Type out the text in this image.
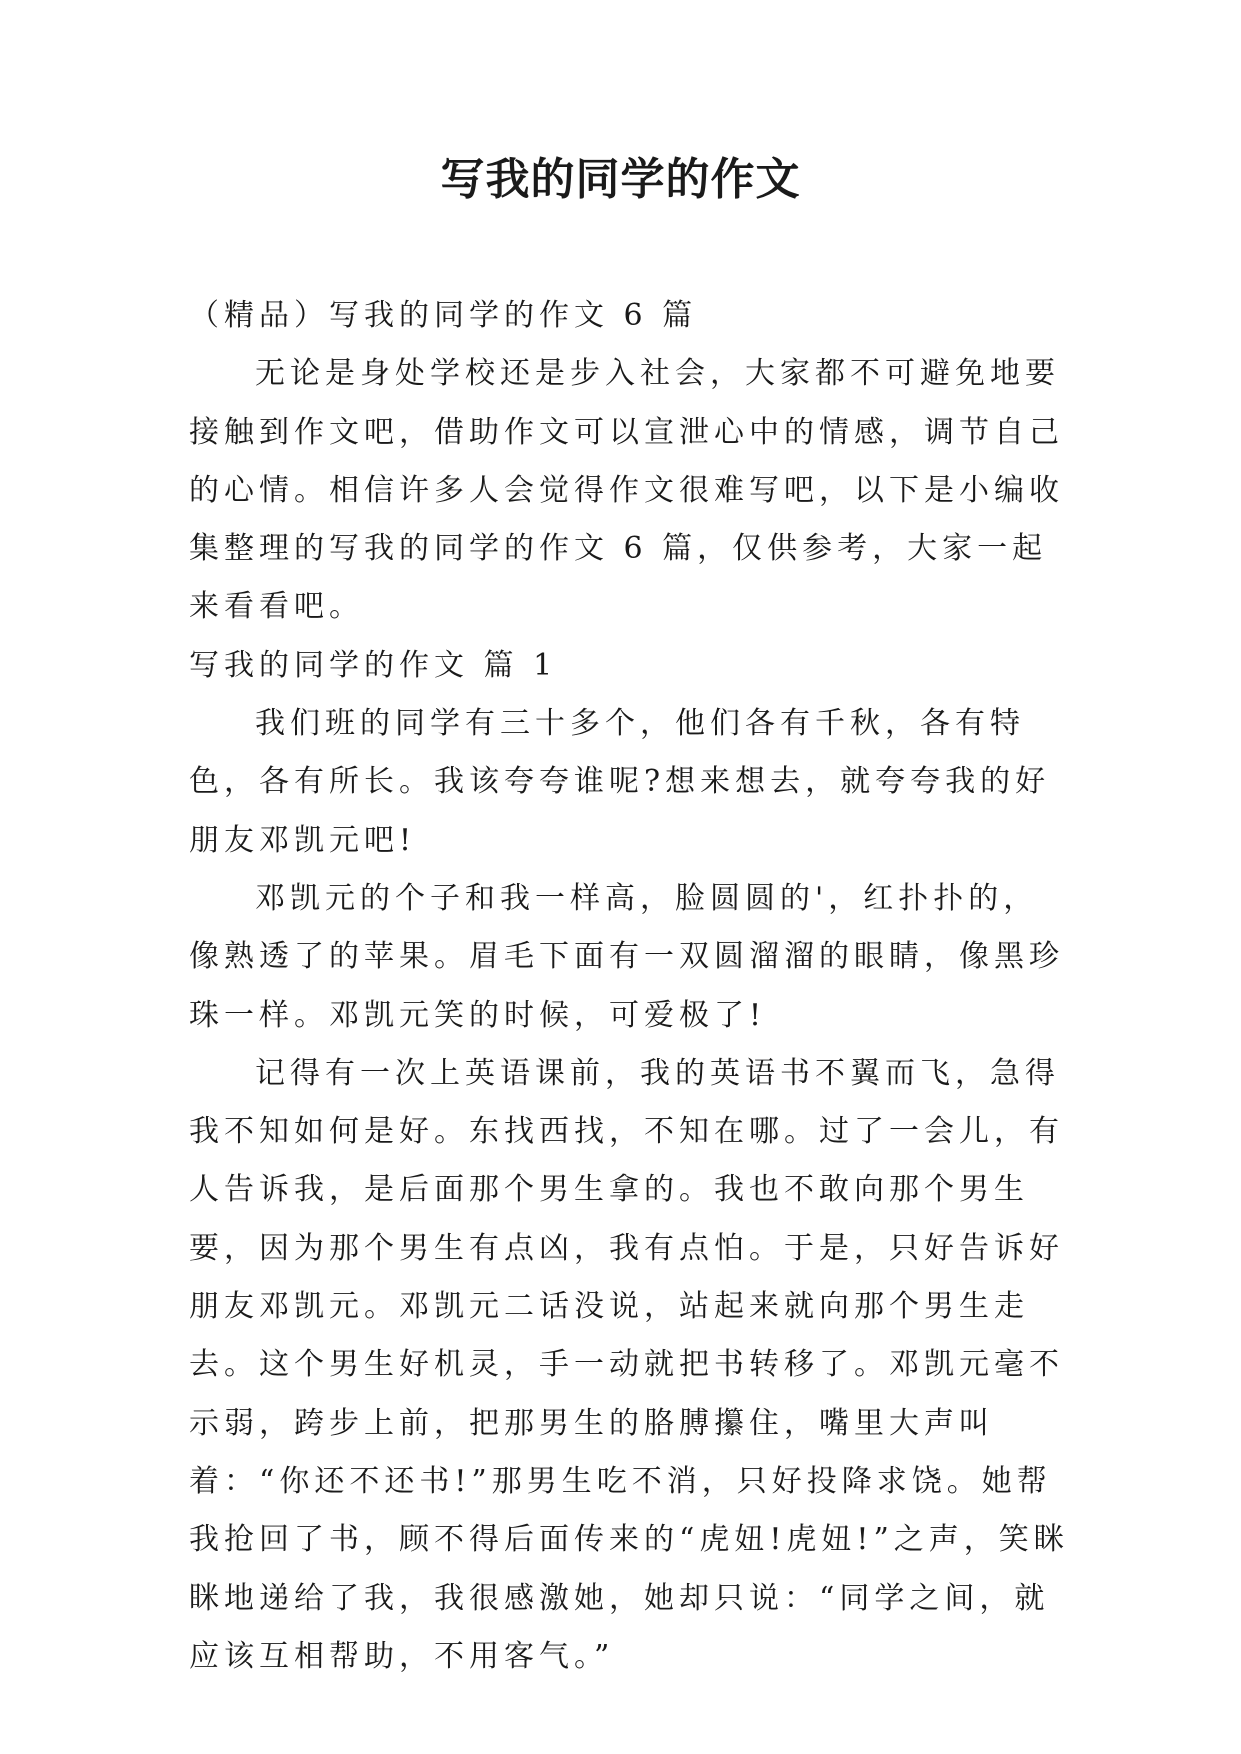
写我的同学的作文

（精品）写我的同学的作文 6 篇

无论是身处学校还是步入社会，大家都不可避免地要接触到作文吧，借助作文可以宣泄心中的情感，调节自己的心情。相信许多人会觉得作文很难写吧，以下是小编收集整理的写我的同学的作文 6 篇，仅供参考，大家一起来看看吧。

写我的同学的作文 篇 1

我们班的同学有三十多个，他们各有千秋，各有特色，各有所长。我该夸夸谁呢?想来想去，就夸夸我的好朋友邓凯元吧!

邓凯元的个子和我一样高，脸圆圆的'，红扑扑的，像熟透了的苹果。眉毛下面有一双圆溜溜的眼睛，像黑珍珠一样。邓凯元笑的时候，可爱极了!

记得有一次上英语课前，我的英语书不翼而飞，急得我不知如何是好。东找西找，不知在哪。过了一会儿，有人告诉我，是后面那个男生拿的。我也不敢向那个男生要，因为那个男生有点凶，我有点怕。于是，只好告诉好朋友邓凯元。邓凯元二话没说，站起来就向那个男生走去。这个男生好机灵，手一动就把书转移了。邓凯元毫不示弱，跨步上前，把那男生的胳膊攥住，嘴里大声叫着：“你还不还书!”那男生吃不消，只好投降求饶。她帮我抢回了书，顾不得后面传来的“虎妞!虎妞!”之声，笑眯眯地递给了我，我很感激她，她却只说：“同学之间，就应该互相帮助，不用客气。”
